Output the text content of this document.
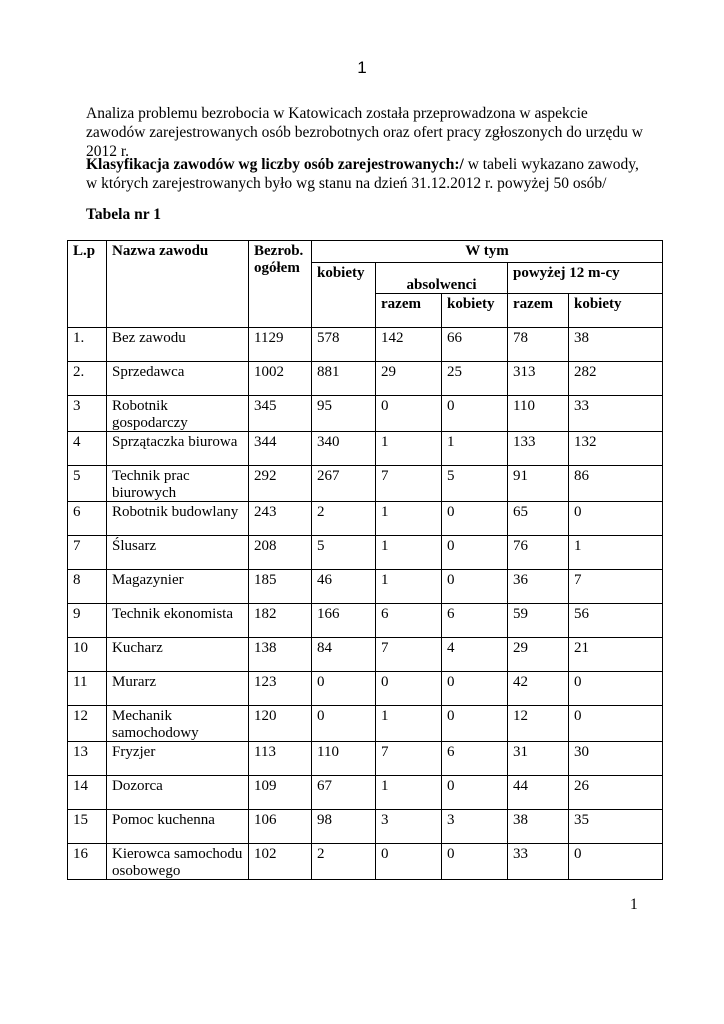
1

Analiza problemu bezrobocia w Katowicach została przeprowadzona w aspekcie zawodów zarejestrowanych osób bezrobotnych oraz ofert pracy zgłoszonych do urzędu w 2012 r.

Klasyfikacja zawodów wg liczby osób zarejestrowanych:/ w tabeli wykazano zawody, w których zarejestrowanych było wg stanu na dzień 31.12.2012 r. powyżej 50 osób/

Tabela nr 1
L.p	Nazwa zawodu	Bezrob. ogółem	W tym				
			kobiety	absolwenci		powyżej 12 m-cy	
				razem	kobiety	razem	kobiety
1.	Bez zawodu	1129	578	142	66	78	38
2.	Sprzedawca	1002	881	29	25	313	282
3	Robotnik gospodarczy	345	95	0	0	110	33
4	Sprzątaczka biurowa	344	340	1	1	133	132
5	Technik prac biurowych	292	267	7	5	91	86
6	Robotnik budowlany	243	2	1	0	65	0
7	Ślusarz	208	5	1	0	76	1
8	Magazynier	185	46	1	0	36	7
9	Technik ekonomista	182	166	6	6	59	56
10	Kucharz	138	84	7	4	29	21
11	Murarz	123	0	0	0	42	0
12	Mechanik samochodowy	120	0	1	0	12	0
13	Fryzjer	113	110	7	6	31	30
14	Dozorca	109	67	1	0	44	26
15	Pomoc kuchenna	106	98	3	3	38	35
16	Kierowca samochodu osobowego	102	2	0	0	33	0
1
